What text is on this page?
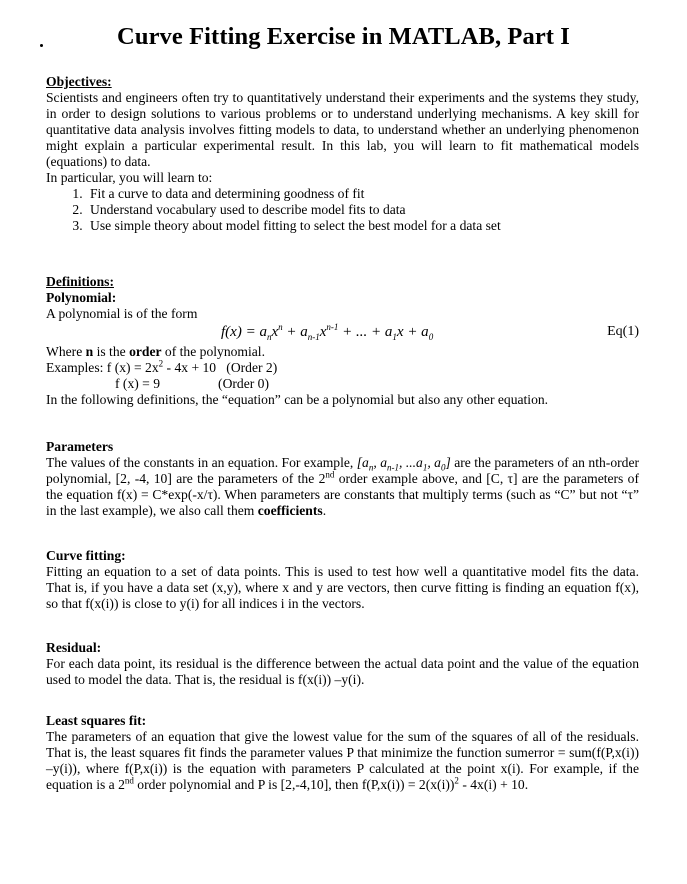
Curve Fitting Exercise in MATLAB, Part I
Objectives:
Scientists and engineers often try to quantitatively understand their experiments and the systems they study, in order to design solutions to various problems or to understand underlying mechanisms. A key skill for quantitative data analysis involves fitting models to data, to understand whether an underlying phenomenon might explain a particular experimental result. In this lab, you will learn to fit mathematical models (equations) to data.
In particular, you will learn to:
1. Fit a curve to data and determining goodness of fit
2. Understand vocabulary used to describe model fits to data
3. Use simple theory about model fitting to select the best model for a data set
Definitions:
Polynomial:
A polynomial is of the form
$f(x) = a_nx^n + a_{n-1}x^{n-1}$ + ... + $a_1x + a_0$	Eq(1)
Where n is the order of the polynomial.
Examples: f $(x) = 2x^2 - 4x + 10$   (Order 2)
f (x) = 9	(Order 0)
In the following definitions, the “equation” can be a polynomial but also any other equation.
Parameters
The values of the constants in an equation. For example, [$a_n$, $a_{n-1}$, $...a_1$, $a_0$] are the parameters of an nth-order polynomial, [2, -4, 10] are the parameters of the 2nd order example above, and [C, τ] are the parameters of the equation f(x) = C*exp(-x/τ). When parameters are constants that multiply terms (such as “C” but not “τ” in the last example), we also call them coefficients.
Curve fitting:
Fitting an equation to a set of data points. This is used to test how well a quantitative model fits the data. That is, if you have a data set (x,y), where x and y are vectors, then curve fitting is finding an equation f(x), so that f(x(i)) is close to y(i) for all indices i in the vectors.
Residual:
For each data point, its residual is the difference between the actual data point and the value of the equation used to model the data. That is, the residual is f(x(i)) –y(i).
Least squares fit:
The parameters of an equation that give the lowest value for the sum of the squares of all of the residuals. That is, the least squares fit finds the parameter values P that minimize the function sumerror = sum(f(P,x(i)) –y(i)), where f(P,x(i)) is the equation with parameters P calculated at the point x(i). For example, if the equation is a 2nd order polynomial and P is [2,-4,10], then $f(P,x(i)) = 2(x(i))^2 - 4x(i) + 10$.
